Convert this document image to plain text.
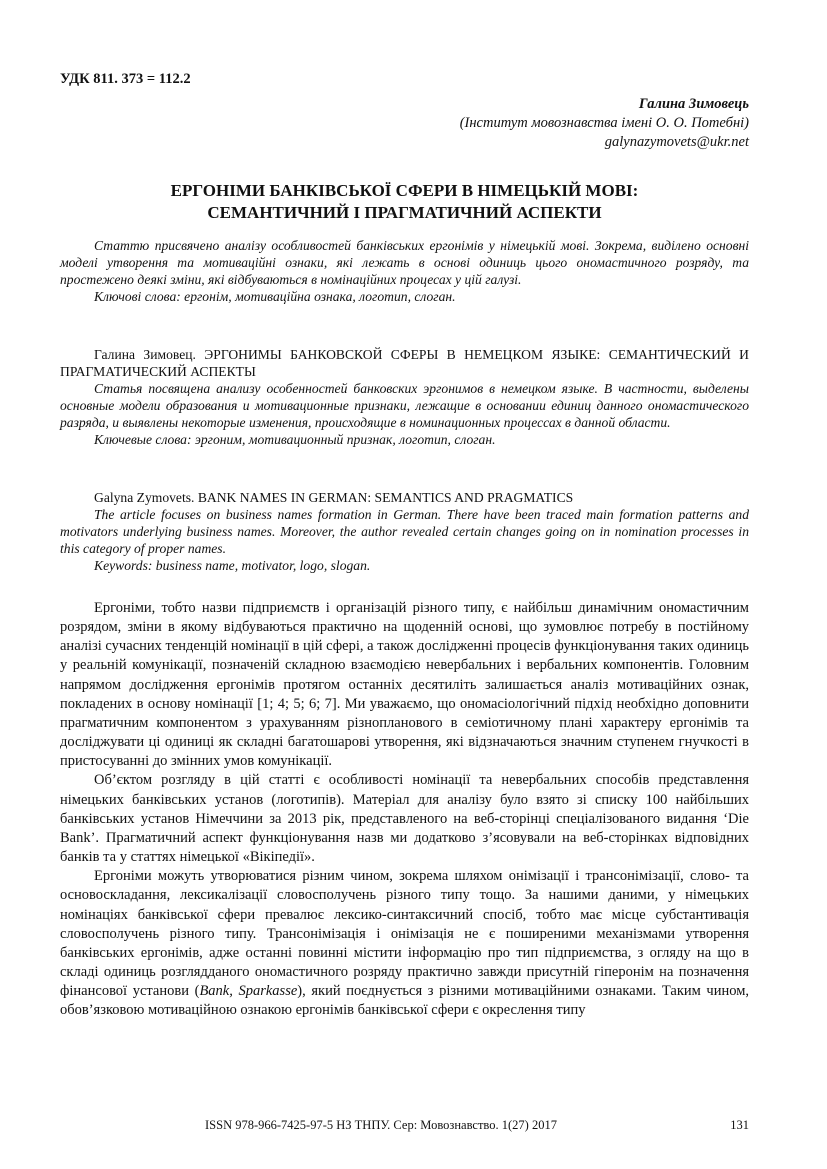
УДК 811. 373 = 112.2
Галина Зимовець
(Інститут мовознавства імені О. О. Потебні)
galynazymovets@ukr.net
ЕРГОНІМИ БАНКІВСЬКОЇ СФЕРИ В НІМЕЦЬКІЙ МОВІ:
СЕМАНТИЧНИЙ І ПРАГМАТИЧНИЙ АСПЕКТИ

Статтю присвячено аналізу особливостей банківських ергонімів у німецькій мові. Зокрема, виділено основні моделі утворення та мотиваційні ознаки, які лежать в основі одиниць цього ономастичного розряду, та простежено деякі зміни, які відбуваються в номінаційних процесах у цій галузі.

Ключові слова: ергонім, мотиваційна ознака, логотип, слоган.

Галина Зимовец. ЭРГОНИМЫ БАНКОВСКОЙ СФЕРЫ В НЕМЕЦКОМ ЯЗЫКЕ: СЕМАНТИЧЕСКИЙ И ПРАГМАТИЧЕСКИЙ АСПЕКТЫ

Статья посвящена анализу особенностей банковских эргонимов в немецком языке. В частности, выделены основные модели образования и мотивационные признаки, лежащие в основании единиц данного ономастического разряда, и выявлены некоторые изменения, происходящие в номинационных процессах в данной области.

Ключевые слова: эргоним, мотивационный признак, логотип, слоган.

Galyna Zymovets. BANK NAMES IN GERMAN: SEMANTICS AND PRAGMATICS

The article focuses on business names formation in German. There have been traced main formation patterns and motivators underlying business names. Moreover, the author revealed certain changes going on in nomination processes in this category of proper names.

Keywords: business name, motivator, logo, slogan.

Ергоніми, тобто назви підприємств і організацій різного типу, є найбільш динамічним ономастичним розрядом, зміни в якому відбуваються практично на щоденній основі, що зумовлює потребу в постійному аналізі сучасних тенденцій номінації в цій сфері, а також дослідженні процесів функціонування таких одиниць у реальній комунікації, позначеній складною взаємодією невербальних і вербальних компонентів. Головним напрямом дослідження ергонімів протягом останніх десятиліть залишається аналіз мотиваційних ознак, покладених в основу номінації [1; 4; 5; 6; 7]. Ми уважаємо, що ономасіологічний підхід необхідно доповнити прагматичним компонентом з урахуванням різнопланового в семіотичному плані характеру ергонімів та досліджувати ці одиниці як складні багатошарові утворення, які відзначаються значним ступенем гнучкості в пристосуванні до змінних умов комунікації.

Об’єктом розгляду в цій статті є особливості номінації та невербальних способів представлення німецьких банківських установ (логотипів). Матеріал для аналізу було взято зі списку 100 найбільших банківських установ Німеччини за 2013 рік, представленого на веб-сторінці спеціалізованого видання ‘Die Bank’. Прагматичний аспект функціонування назв ми додатково з’ясовували на веб-сторінках відповідних банків та у статтях німецької «Вікіпедії».

Ергоніми можуть утворюватися різним чином, зокрема шляхом онімізації і трансонімізації, слово- та основоскладання, лексикалізації словосполучень різного типу тощо. За нашими даними, у німецьких номінаціях банківської сфери превалює лексико-синтаксичний спосіб, тобто має місце субстантивація словосполучень різного типу. Трансонімізація і онімізація не є поширеними механізмами утворення банківських ергонімів, адже останні повинні містити інформацію про тип підприємства, з огляду на що в складі одиниць розглядданого ономастичного розряду практично завжди присутній гіперонім на позначення фінансової установи (Bank, Sparkasse), який поєднується з різними мотиваційними ознаками. Таким чином, обов’язковою мотиваційною ознакою ергонімів банківської сфери є окреслення типу

ISSN 978-966-7425-97-5 НЗ ТНПУ. Сер: Мовознавство. 1(27) 2017	131
